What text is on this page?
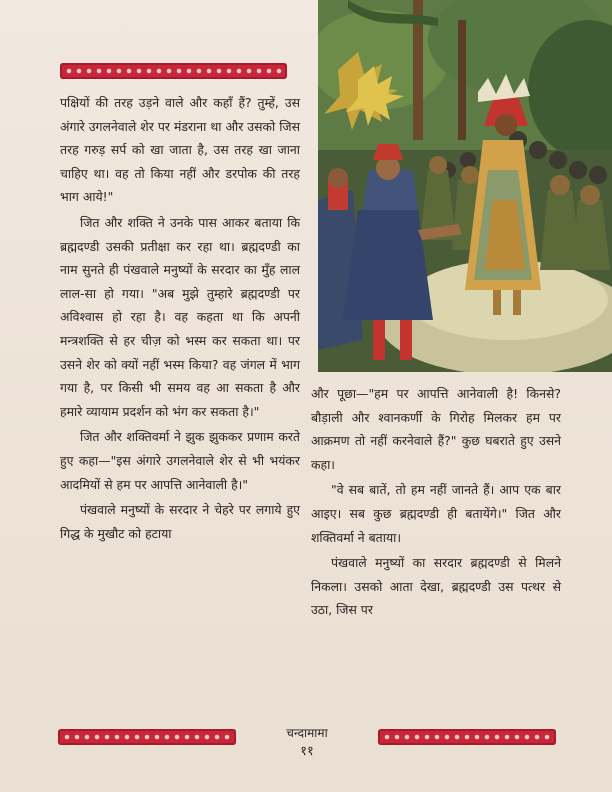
पक्षियों की तरह उड़ने वाले और कहाँ हैं? तुम्हें, उस अंगारे उगलनेवाले शेर पर मंडराना था और उसको जिस तरह गरुड़ सर्प को खा जाता है, उस तरह खा जाना चाहिए था। वह तो किया नहीं और डरपोक की तरह भाग आये!"

जित और शक्ति ने उनके पास आकर बताया कि ब्रह्मदण्डी उसकी प्रतीक्षा कर रहा था। ब्रह्मदण्डी का नाम सुनते ही पंखवाले मनुष्यों के सरदार का मुँह लाल लाल-सा हो गया। "अब मुझे तुम्हारे ब्रह्मदण्डी पर अविश्वास हो रहा है। वह कहता था कि अपनी मन्त्रशक्ति से हर चीज़ को भस्म कर सकता था। पर उसने शेर को क्यों नहीं भस्म किया? वह जंगल में भाग गया है, पर किसी भी समय वह आ सकता है और हमारे व्यायाम प्रदर्शन को भंग कर सकता है।"

जित और शक्तिवर्मा ने झुक झुककर प्रणाम करते हुए कहा—"इस अंगारे उगलनेवाले शेर से भी भयंकर आदमियों से हम पर आपत्ति आनेवाली है।"

पंखवाले मनुष्यों के सरदार ने चेहरे पर लगाये हुए गिद्ध के मुखौट को हटाया

और पूछा—"हम पर आपत्ति आनेवाली है! किनसे? बौड़ाली और श्वानकर्णी के गिरोह मिलकर हम पर आक्रमण तो नहीं करनेवाले हैं?" कुछ घबराते हुए उसने कहा।

"वे सब बातें, तो हम नहीं जानते हैं। आप एक बार आइए। सब कुछ ब्रह्मदण्डी ही बतायेंगे।" जित और शक्तिवर्मा ने बताया।

पंखवाले मनुष्यों का सरदार ब्रह्मदण्डी से मिलने निकला। उसको आता देखा, ब्रह्मदण्डी उस पत्थर से उठा, जिस पर

चन्दामामा
११
